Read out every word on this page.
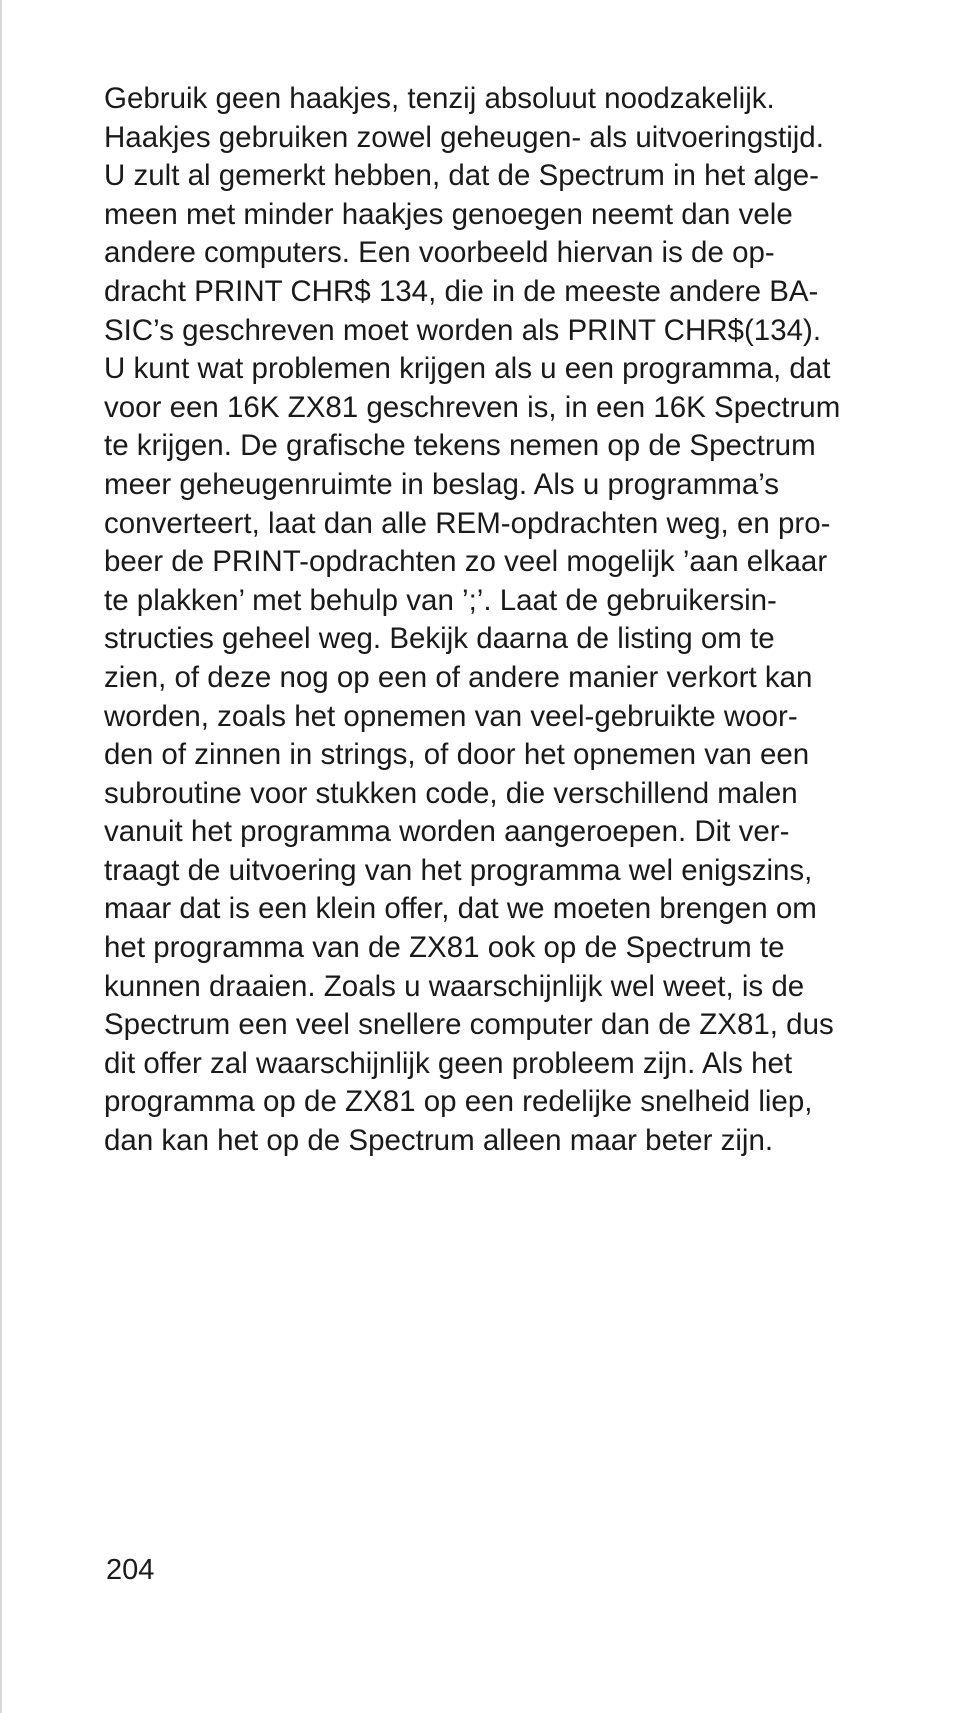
Gebruik geen haakjes, tenzij absoluut noodzakelijk.
Haakjes gebruiken zowel geheugen- als uitvoeringstijd.
U zult al gemerkt hebben, dat de Spectrum in het alge-
meen met minder haakjes genoegen neemt dan vele
andere computers. Een voorbeeld hiervan is de op-
dracht PRINT CHR$ 134, die in de meeste andere BA-
SIC’s geschreven moet worden als PRINT CHR$(134).
U kunt wat problemen krijgen als u een programma, dat
voor een 16K ZX81 geschreven is, in een 16K Spectrum
te krijgen. De grafische tekens nemen op de Spectrum
meer geheugenruimte in beslag. Als u programma’s
converteert, laat dan alle REM-opdrachten weg, en pro-
beer de PRINT-opdrachten zo veel mogelijk ’aan elkaar
te plakken’ met behulp van ’;’. Laat de gebruikersin-
structies geheel weg. Bekijk daarna de listing om te
zien, of deze nog op een of andere manier verkort kan
worden, zoals het opnemen van veel-gebruikte woor-
den of zinnen in strings, of door het opnemen van een
subroutine voor stukken code, die verschillend malen
vanuit het programma worden aangeroepen. Dit ver-
traagt de uitvoering van het programma wel enigszins,
maar dat is een klein offer, dat we moeten brengen om
het programma van de ZX81 ook op de Spectrum te
kunnen draaien. Zoals u waarschijnlijk wel weet, is de
Spectrum een veel snellere computer dan de ZX81, dus
dit offer zal waarschijnlijk geen probleem zijn. Als het
programma op de ZX81 op een redelijke snelheid liep,
dan kan het op de Spectrum alleen maar beter zijn.
204
